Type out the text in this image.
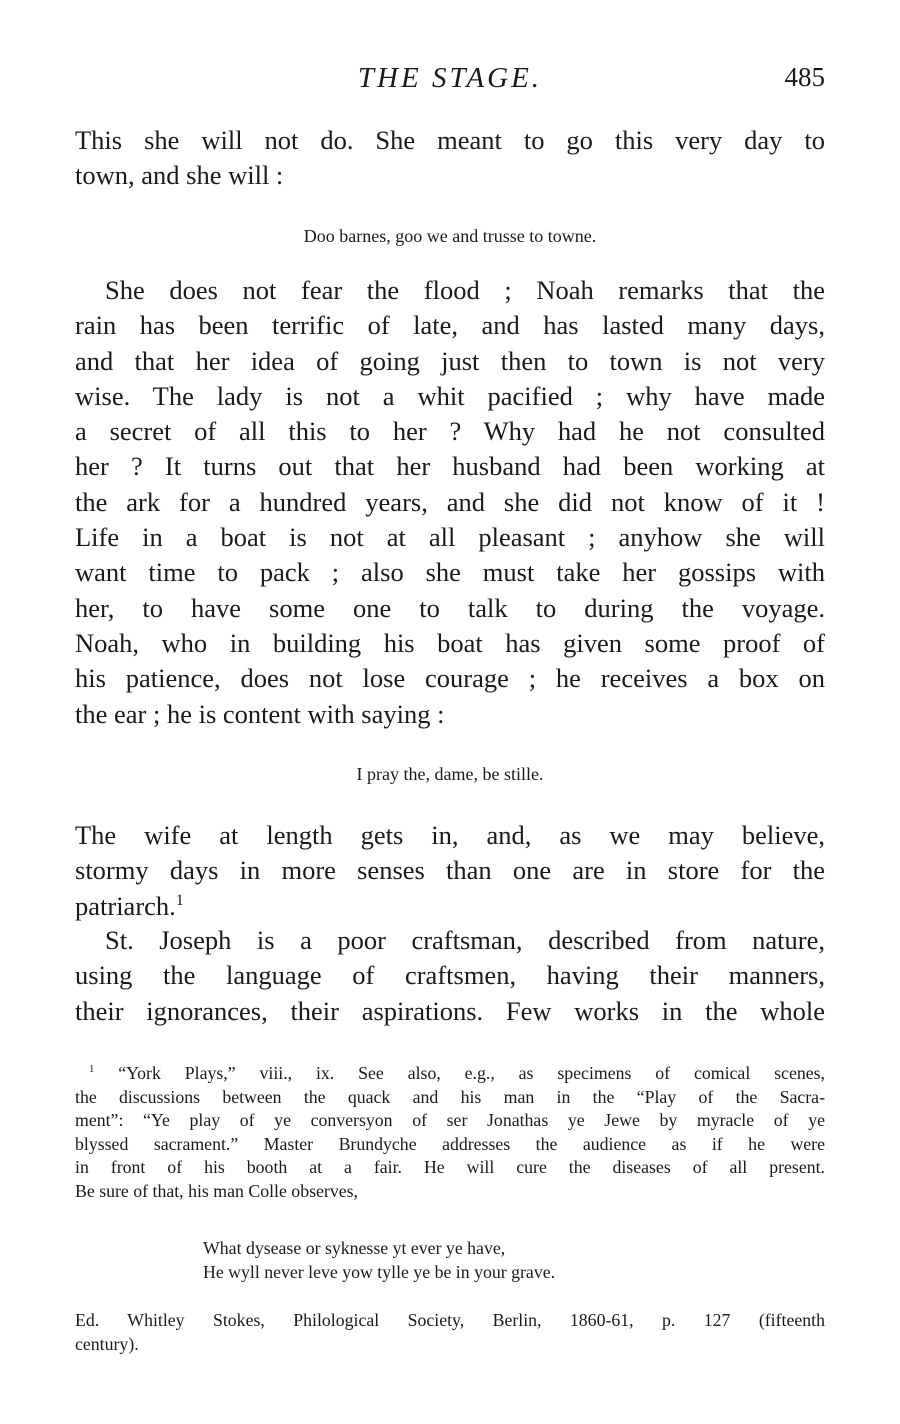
THE STAGE.	485
This she will not do. She meant to go this very day to
town, and she will :
Doo barnes, goo we and trusse to towne.
She does not fear the flood ; Noah remarks that the
rain has been terrific of late, and has lasted many days,
and that her idea of going just then to town is not very
wise. The lady is not a whit pacified ; why have made
a secret of all this to her ? Why had he not consulted
her ? It turns out that her husband had been working at
the ark for a hundred years, and she did not know of it !
Life in a boat is not at all pleasant ; anyhow she will
want time to pack ; also she must take her gossips with
her, to have some one to talk to during the voyage.
Noah, who in building his boat has given some proof of
his patience, does not lose courage ; he receives a box on
the ear ; he is content with saying :
I pray the, dame, be stille.
The wife at length gets in, and, as we may believe,
stormy days in more senses than one are in store for the
patriarch.$^1$
St. Joseph is a poor craftsman, described from nature,
using the language of craftsmen, having their manners,
their ignorances, their aspirations. Few works in the whole
$^1$ “York Plays,” viii., ix. See also, e.g., as specimens of comical scenes,
the discussions between the quack and his man in the “Play of the Sacra-
ment”: “Ye play of ye conversyon of ser Jonathas ye Jewe by myracle of ye
blyssed sacrament.” Master Brundyche addresses the audience as if he were
in front of his booth at a fair. He will cure the diseases of all present.
Be sure of that, his man Colle observes,
What dysease or syknesse yt ever ye have,
He wyll never leve yow tylle ye be in your grave.
Ed. Whitley Stokes, Philological Society, Berlin, 1860-61, p. 127 (fifteenth
century).
